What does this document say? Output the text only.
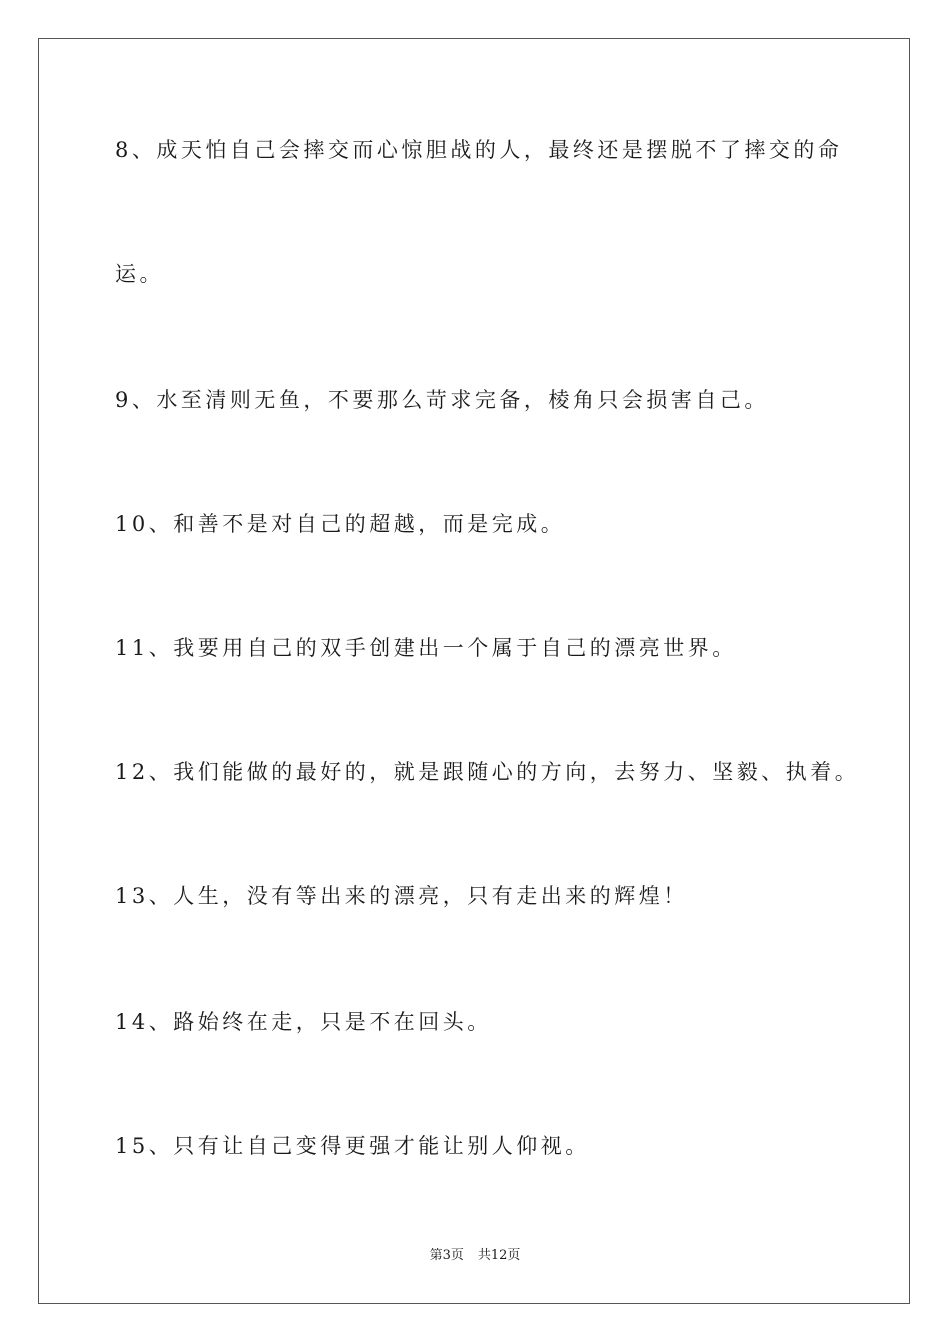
8、成天怕自己会摔交而心惊胆战的人，最终还是摆脱不了摔交的命
运。
9、水至清则无鱼，不要那么苛求完备，棱角只会损害自己。
10、和善不是对自己的超越，而是完成。
11、我要用自己的双手创建出一个属于自己的漂亮世界。
12、我们能做的最好的，就是跟随心的方向，去努力、坚毅、执着。
13、人生，没有等出来的漂亮，只有走出来的辉煌！
14、路始终在走，只是不在回头。
15、只有让自己变得更强才能让别人仰视。
第3页 共12页
